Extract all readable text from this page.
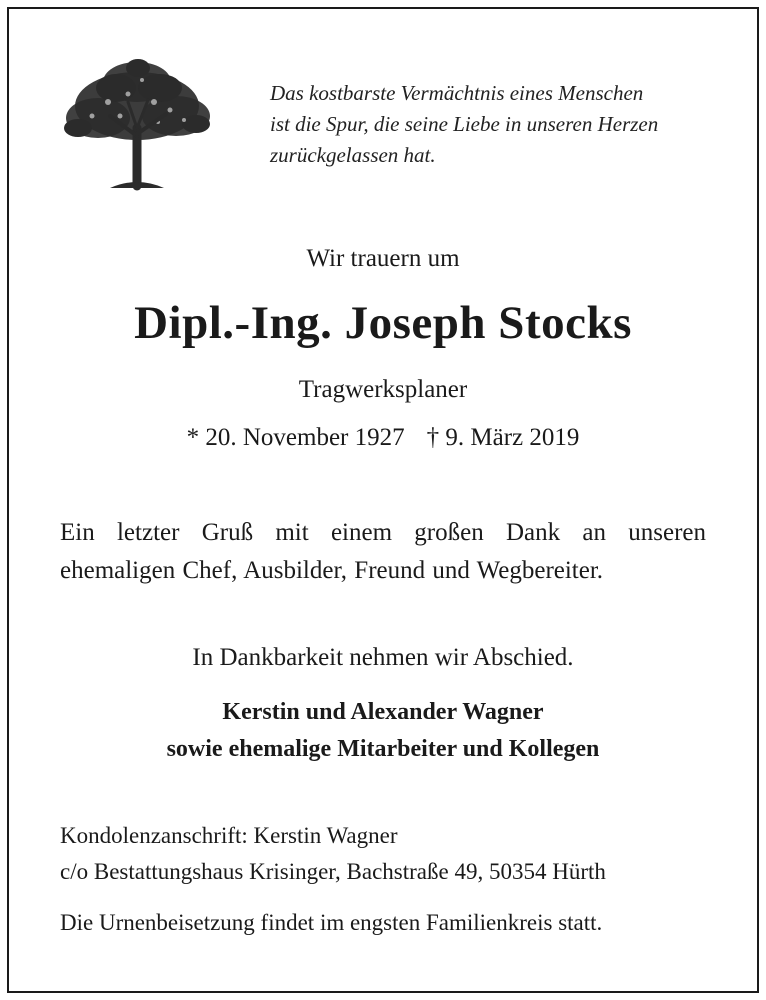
Das kostbarste Vermächtnis eines Menschen
ist die Spur, die seine Liebe in unseren Herzen
zurückgelassen hat.
Wir trauern um
Dipl.-Ing. Joseph Stocks
Tragwerksplaner
* 20. November 1927 † 9. März 2019
Ein letzter Gruß mit einem großen Dank an unseren
ehemaligen Chef, Ausbilder, Freund und Wegbereiter.
In Dankbarkeit nehmen wir Abschied.
Kerstin und Alexander Wagner
sowie ehemalige Mitarbeiter und Kollegen
Kondolenzanschrift: Kerstin Wagner
c/o Bestattungshaus Krisinger, Bachstraße 49, 50354 Hürth
Die Urnenbeisetzung findet im engsten Familienkreis statt.
